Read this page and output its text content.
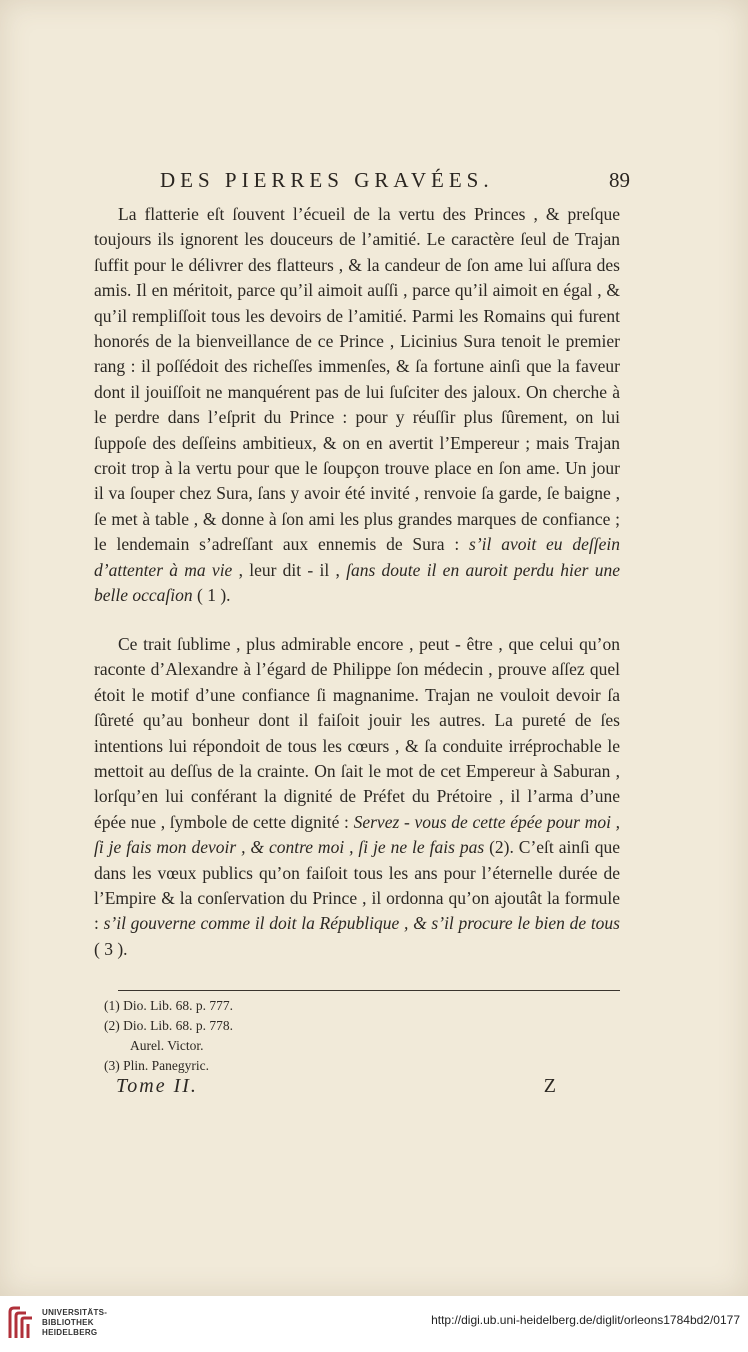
DES PIERRES GRAVÉES.	89
La flatterie eſt ſouvent l’écueil de la vertu des Princes , & preſque toujours ils ignorent les douceurs de l’amitié. Le caractère ſeul de Trajan ſuffit pour le délivrer des flatteurs , & la candeur de ſon ame lui aſſura des amis. Il en méritoit, parce qu’il aimoit auſſi , parce qu’il aimoit en égal , & qu’il rempliſſoit tous les devoirs de l’amitié. Parmi les Romains qui furent honorés de la bienveillance de ce Prince , Licinius Sura tenoit le premier rang : il poſſédoit des richeſſes immenſes, & ſa fortune ainſi que la faveur dont il jouiſſoit ne manquérent pas de lui ſuſciter des jaloux. On cherche à le perdre dans l’eſprit du Prince : pour y réuſſir plus ſûrement, on lui ſuppoſe des deſſeins ambitieux, & on en avertit l’Empereur ; mais Trajan croit trop à la vertu pour que le ſoupçon trouve place en ſon ame. Un jour il va ſouper chez Sura, ſans y avoir été invité , renvoie ſa garde, ſe baigne , ſe met à table , & donne à ſon ami les plus grandes marques de confiance ; le lendemain s’adreſſant aux ennemis de Sura : s’il avoit eu deſſein d’attenter à ma vie , leur dit - il , ſans doute il en auroit perdu hier une belle occaſion ( 1 ).
Ce trait ſublime , plus admirable encore , peut - être , que celui qu’on raconte d’Alexandre à l’égard de Philippe ſon médecin , prouve aſſez quel étoit le motif d’une confiance ſi magnanime. Trajan ne vouloit devoir ſa ſûreté qu’au bonheur dont il faiſoit jouir les autres. La pureté de ſes intentions lui répondoit de tous les cœurs , & ſa conduite irréprochable le mettoit au deſſus de la crainte. On ſait le mot de cet Empereur à Saburan , lorſqu’en lui conférant la dignité de Préfet du Prétoire , il l’arma d’une épée nue , ſymbole de cette dignité : Servez - vous de cette épée pour moi , ſi je fais mon devoir , & contre moi , ſi je ne le fais pas (2). C’eſt ainſi que dans les vœux publics qu’on faiſoit tous les ans pour l’éternelle durée de l’Empire & la conſervation du Prince , il ordonna qu’on ajoutât la formule : s’il gouverne comme il doit la République , & s’il procure le bien de tous ( 3 ).
(1) Dio. Lib. 68. p. 777.
(2) Dio. Lib. 68. p. 778.
Aurel. Victor.
(3) Plin. Panegyric.
Tome II.	Z
UNIVERSITÄTS-
BIBLIOTHEK
HEIDELBERG
http://digi.ub.uni-heidelberg.de/diglit/orleons1784bd2/0177
